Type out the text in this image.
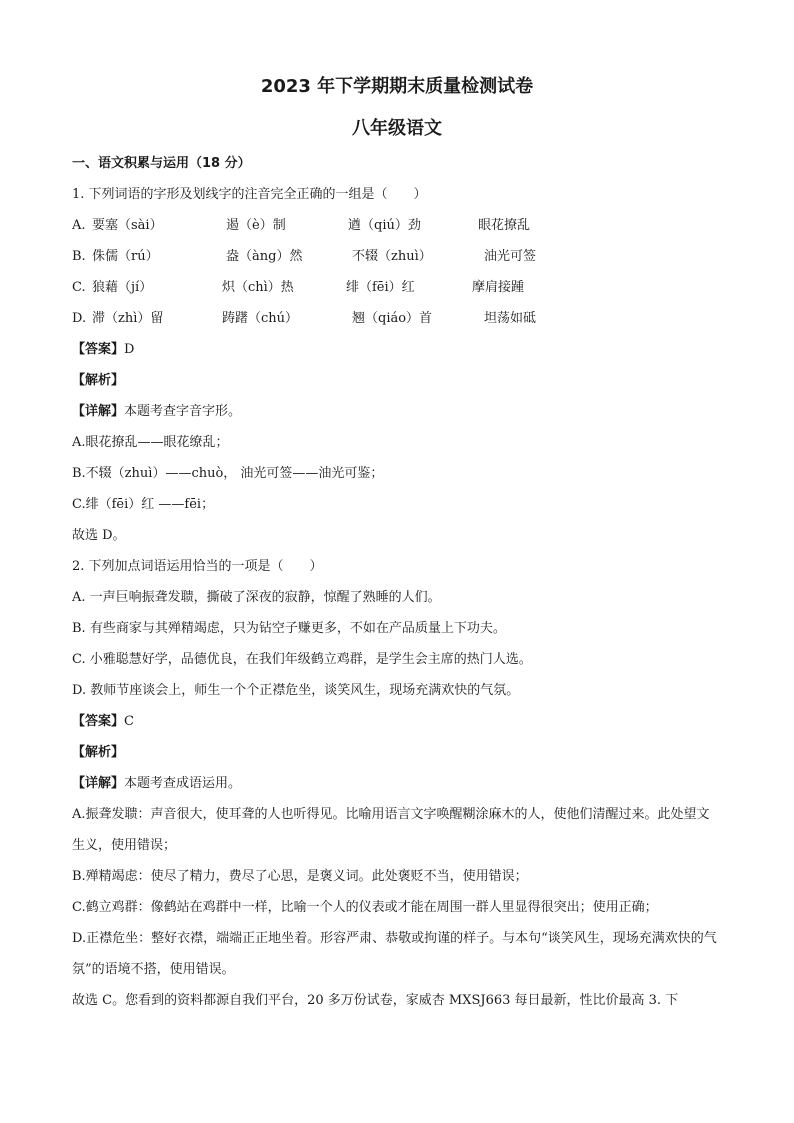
2023 年下学期期末质量检测试卷
八年级语文
一、语文积累与运用（18 分）
1. 下列词语的字形及划线字的注音完全正确的一组是（　　）
A. 要塞（sài）	遏（è）制	遒（qiú）劲	眼花撩乱
B. 侏儒（rú）	盎（àng）然	不辍（zhuì）	油光可签
C. 狼藉（jí）	炽（chì）热	绯（fēi）红	摩肩接踵
D. 滞（zhì）留	踌躇（chú）	翘（qiáo）首	坦荡如砥
【答案】D
【解析】
【详解】本题考查字音字形。
A.眼花撩乱——眼花缭乱；
B.不辍（zhuì）——chuò， 油光可签——油光可鉴；
C.绯（fēi）红 ——fēi；
故选 D。
2. 下列加点词语运用恰当的一项是（　　）
A. 一声巨响振聋发聩，撕破了深夜的寂静，惊醒了熟睡的人们。
B. 有些商家与其殚精竭虑，只为钻空子赚更多，不如在产品质量上下功夫。
C. 小雅聪慧好学，品德优良，在我们年级鹤立鸡群，是学生会主席的热门人选。
D. 教师节座谈会上，师生一个个正襟危坐，谈笑风生，现场充满欢快的气氛。
【答案】C
【解析】
【详解】本题考查成语运用。
A.振聋发聩：声音很大，使耳聋的人也听得见。比喻用语言文字唤醒糊涂麻木的人，使他们清醒过来。此处望文生义，使用错误；
B.殚精竭虑：使尽了精力，费尽了心思，是褒义词。此处褒贬不当，使用错误；
C.鹤立鸡群：像鹤站在鸡群中一样，比喻一个人的仪表或才能在周围一群人里显得很突出；使用正确；
D.正襟危坐：整好衣襟，端端正正地坐着。形容严肃、恭敬或拘谨的样子。与本句“谈笑风生，现场充满欢快的气氛”的语境不搭，使用错误。
故选 C。您看到的资料都源自我们平台，20 多万份试卷，家威杏 MXSJ663 每日最新，性比价最高 3. 下
